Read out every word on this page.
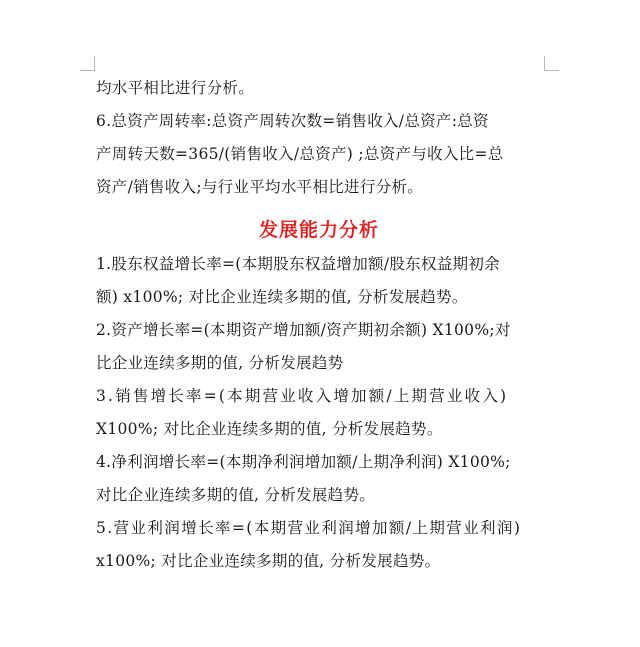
均水平相比进行分析。
6.总资产周转率:总资产周转次数=销售收入/总资产:总资
产周转天数=365/(销售收入/总资产) ;总资产与收入比=总
资产/销售收入;与行业平均水平相比进行分析。
发展能力分析
1.股东权益增长率=(本期股东权益增加额/股东权益期初余
额) x100%; 对比企业连续多期的值, 分析发展趋势。
2.资产增长率=(本期资产增加额/资产期初余额) X100%;对
比企业连续多期的值, 分析发展趋势
3.销售增长率=(本期营业收入增加额/上期营业收入)
X100%; 对比企业连续多期的值, 分析发展趋势。
4.净利润增长率=(本期净利润增加额/上期净利润) X100%;
对比企业连续多期的值, 分析发展趋势。
5.营业利润增长率=(本期营业利润增加额/上期营业利润)
x100%; 对比企业连续多期的值, 分析发展趋势。
